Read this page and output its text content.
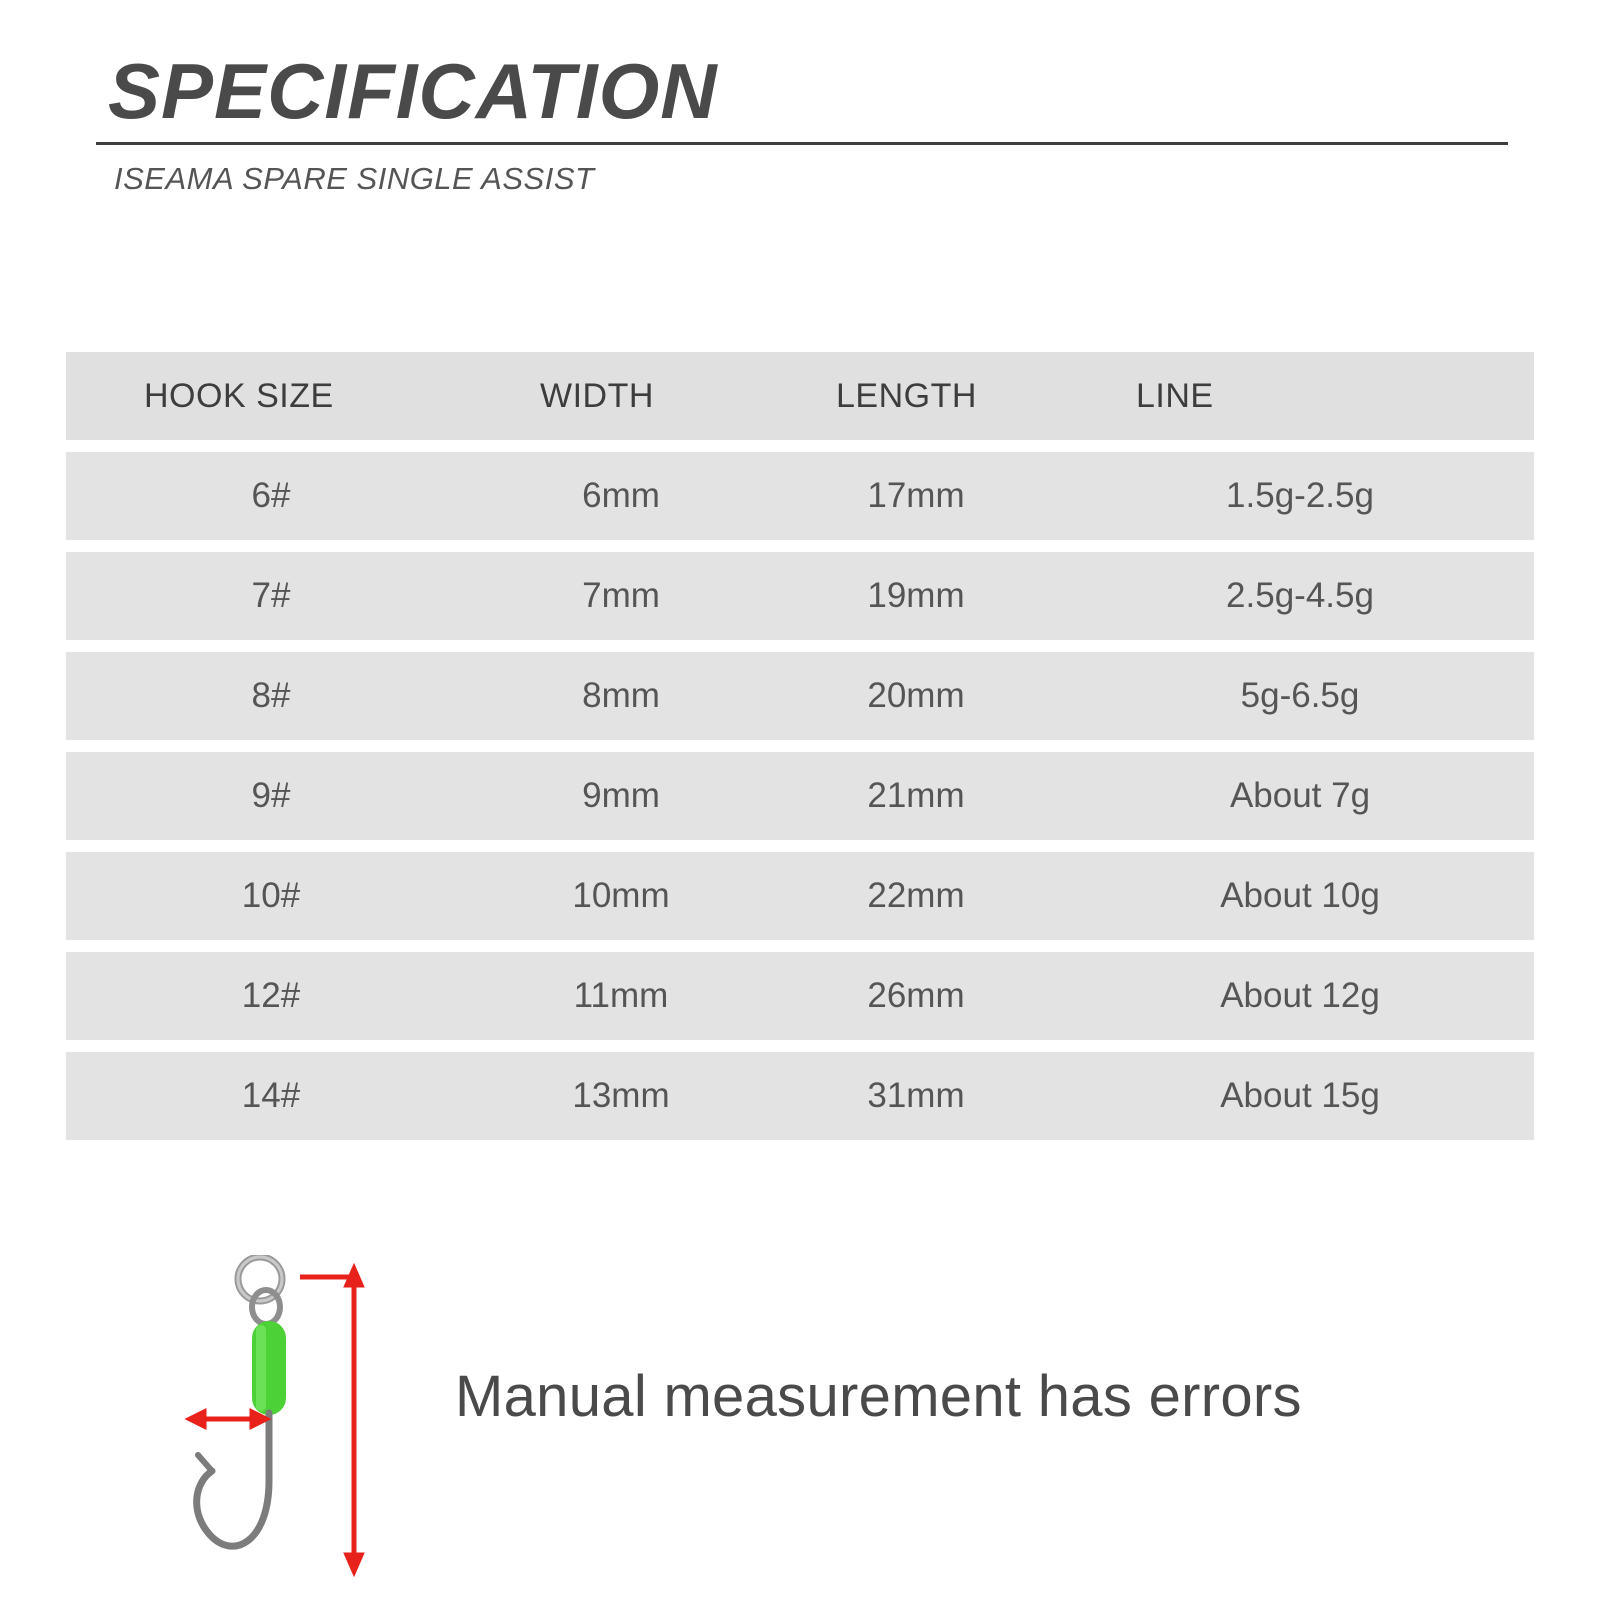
SPECIFICATION
ISEAMA SPARE SINGLE ASSIST
HOOK SIZE	WIDTH	LENGTH	LINE
6#	6mm	17mm	1.5g-2.5g
7#	7mm	19mm	2.5g-4.5g
8#	8mm	20mm	5g-6.5g
9#	9mm	21mm	About 7g
10#	10mm	22mm	About 10g
12#	11mm	26mm	About 12g
14#	13mm	31mm	About 15g
Manual measurement has errors
